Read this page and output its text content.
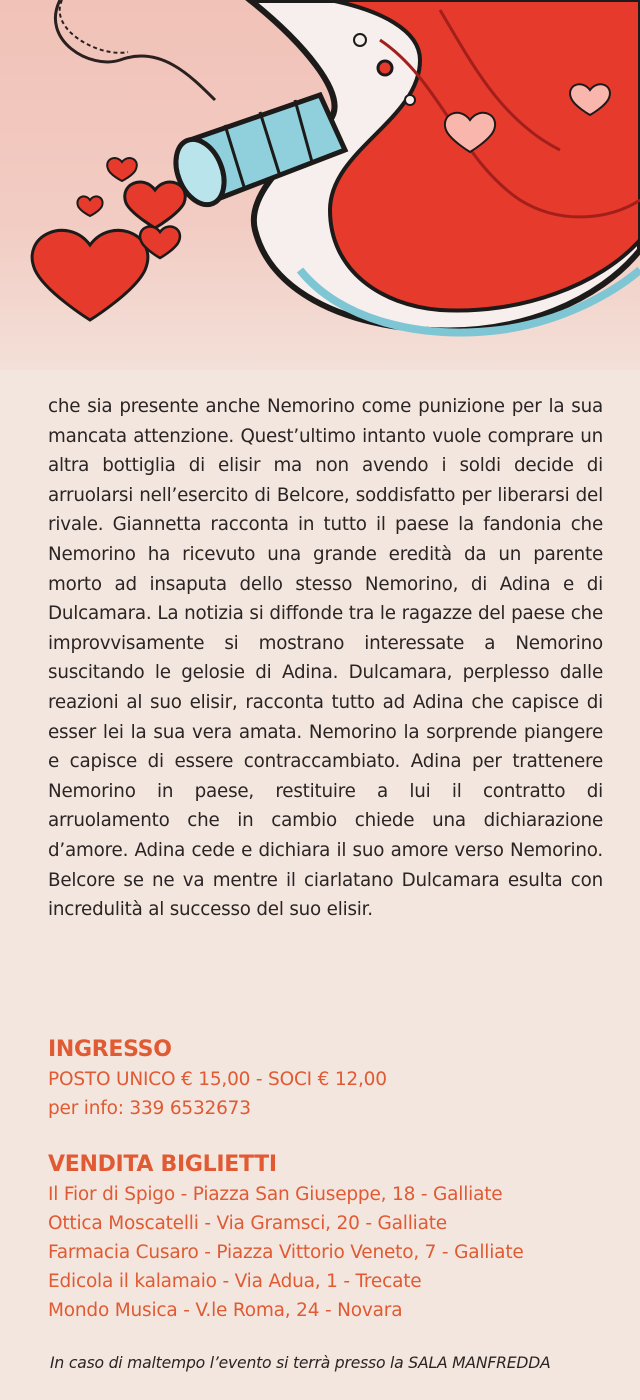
che sia presente anche Nemorino come punizione per la sua mancata attenzione. Quest’ultimo intanto vuole comprare un altra bottiglia di elisir ma non avendo i soldi decide di arruolarsi nell’esercito di Belcore, soddisfatto per liberarsi del rivale. Giannetta racconta in tutto il paese la fandonia che Nemorino ha ricevuto una grande eredità da un parente morto ad insaputa dello stesso Nemorino, di Adina e di Dulcamara. La notizia si diffonde tra le ragazze del paese che improvvisamente si mostrano interessate a Nemorino suscitando le gelosie di Adina. Dulcamara, perplesso dalle reazioni al suo elisir, racconta tutto ad Adina che capisce di esser lei la sua vera amata. Nemorino la sorprende piangere e capisce di essere contraccambiato. Adina per trattenere Nemorino in paese, restituire a lui il contratto di arruolamento che in cambio chiede una dichiarazione d’amore. Adina cede e dichiara il suo amore verso Nemorino. Belcore se ne va mentre il ciarlatano Dulcamara esulta con incredulità al successo del suo elisir.

INGRESSO
POSTO UNICO € 15,00 - SOCI € 12,00
per info: 339 6532673
VENDITA BIGLIETTI
Il Fior di Spigo - Piazza San Giuseppe, 18 - Galliate
Ottica Moscatelli - Via Gramsci, 20 - Galliate
Farmacia Cusaro - Piazza Vittorio Veneto, 7 - Galliate
Edicola il kalamaio - Via Adua, 1 - Trecate
Mondo Musica - V.le Roma, 24 - Novara
In caso di maltempo l’evento si terrà presso la SALA MANFREDDA
